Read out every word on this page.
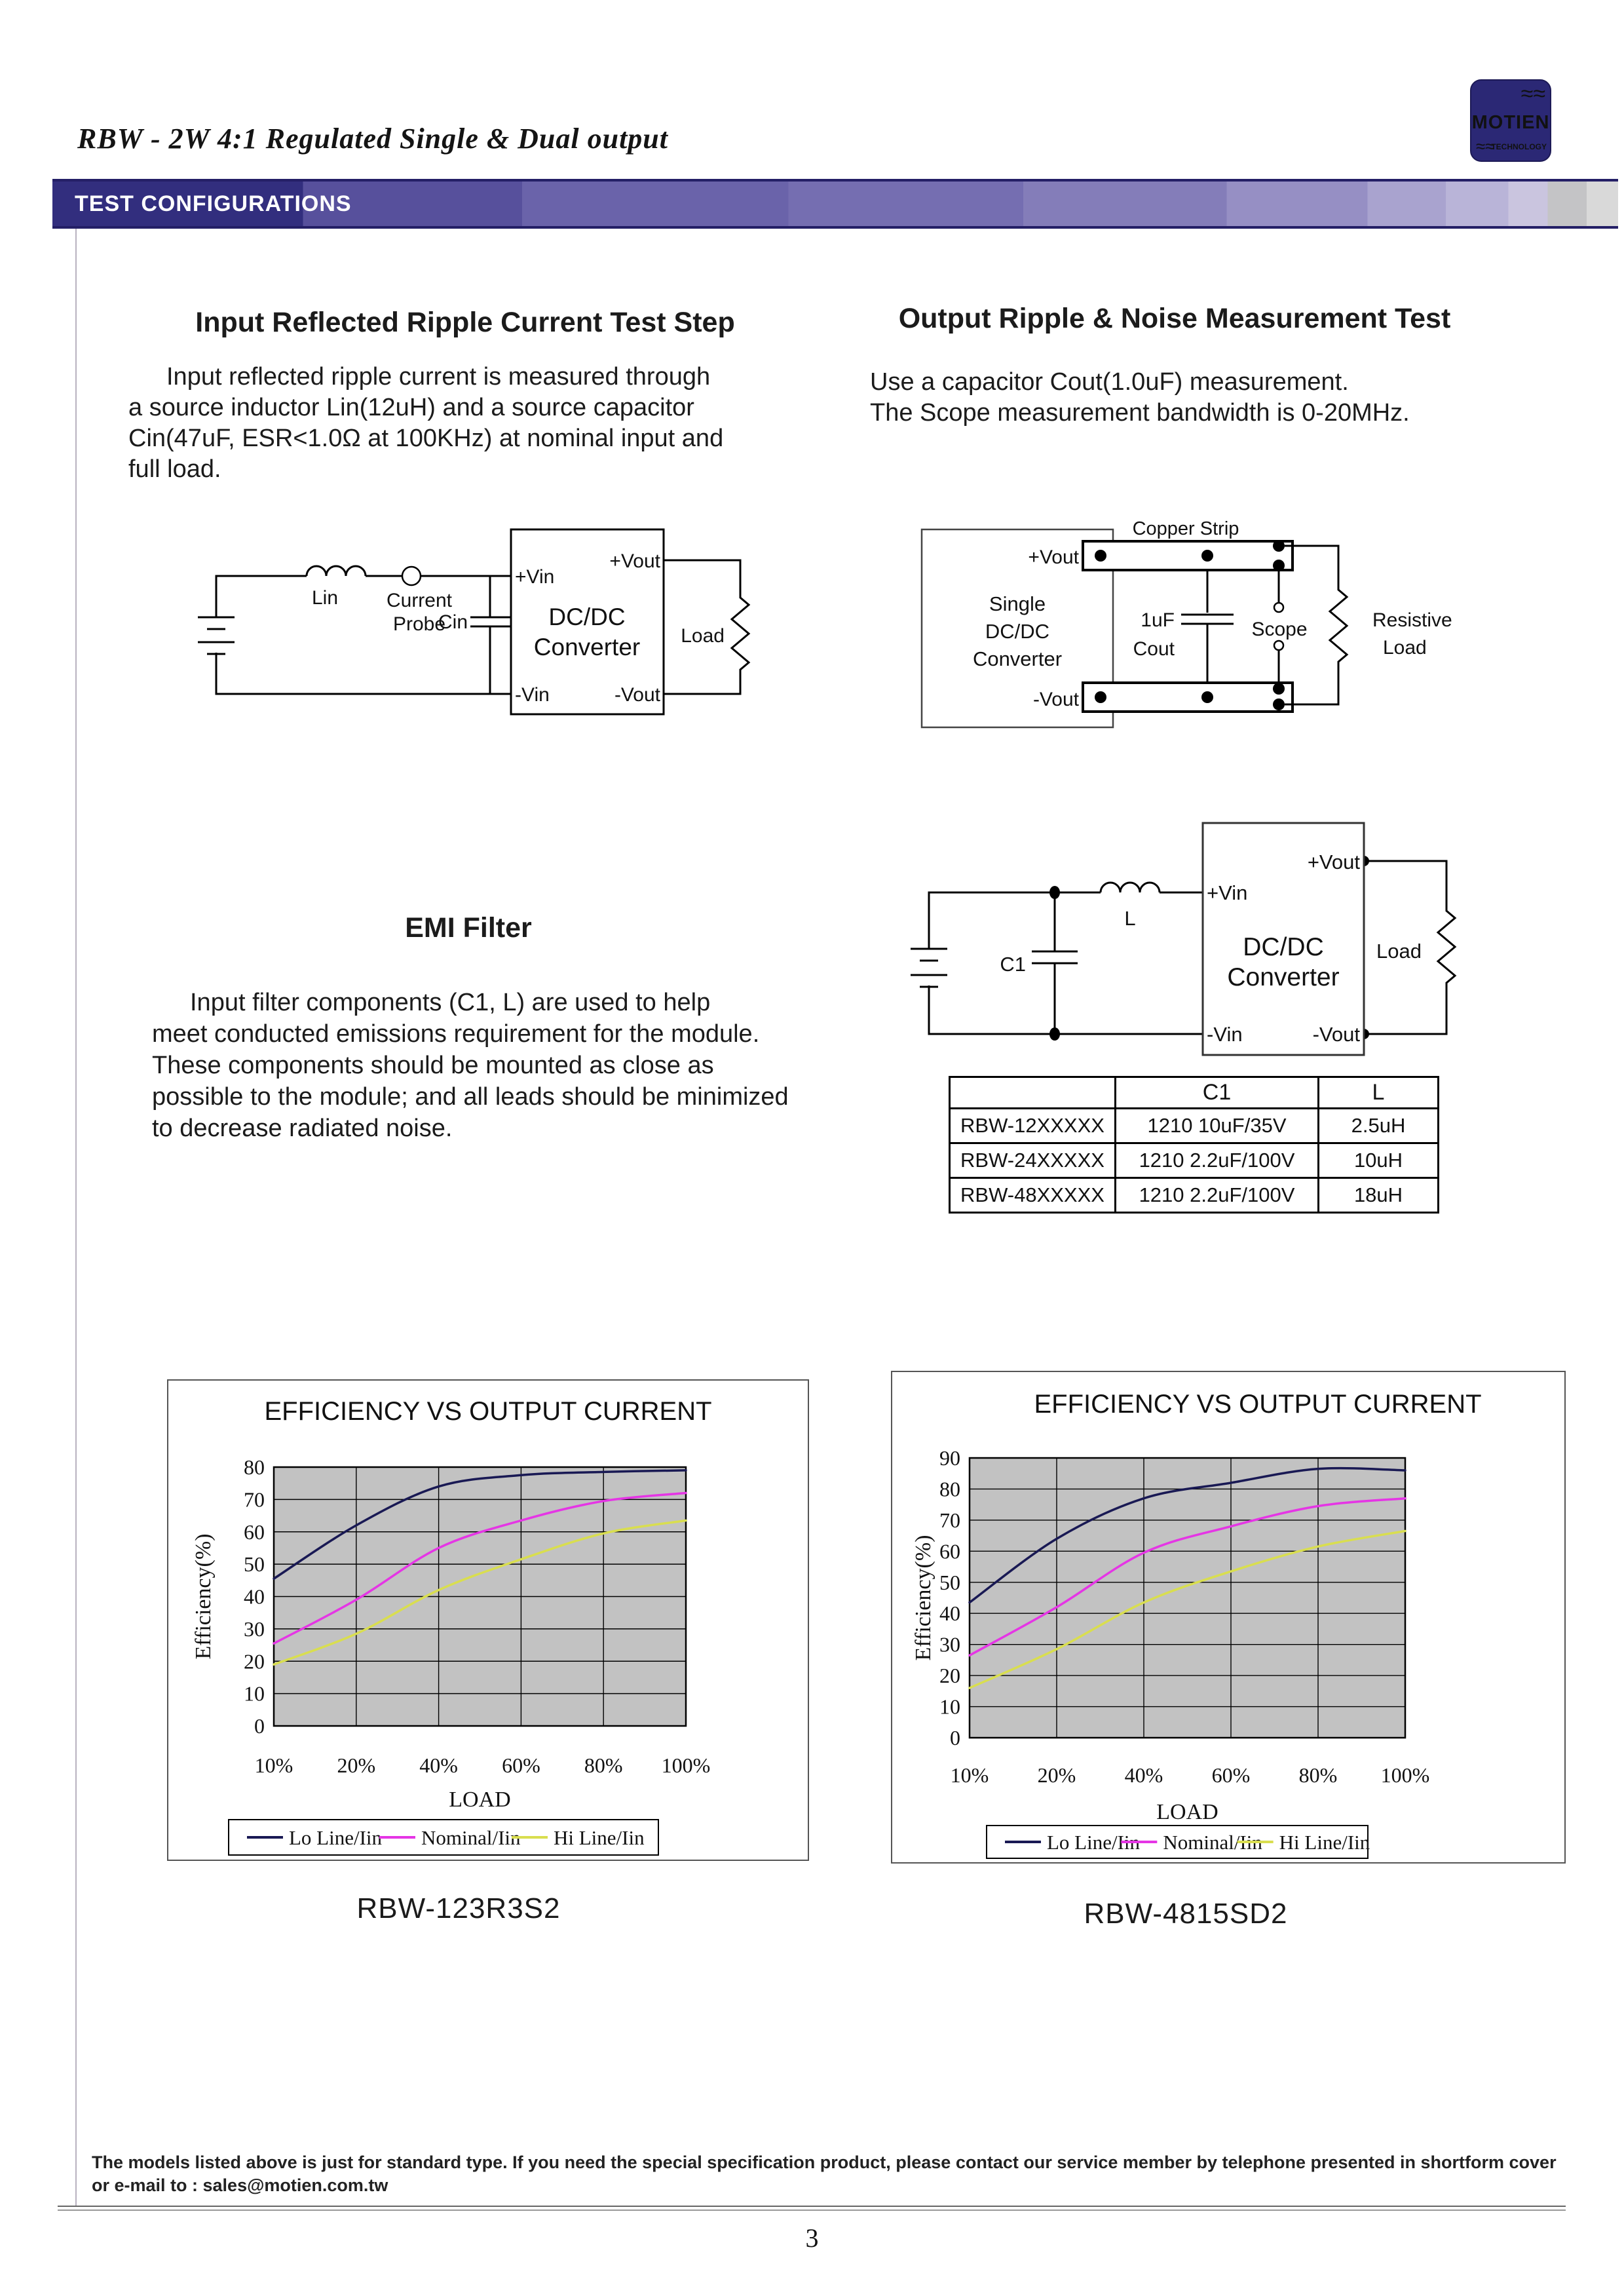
RBW - 2W 4:1 Regulated Single & Dual output
≈≈
MOTIEN
≈≈
TECHNOLOGY
TEST CONFIGURATIONS
Input Reflected Ripple Current Test Step
Input reflected ripple current is measured through
a source inductor Lin(12uH) and a source capacitor
Cin(47uF, ESR<1.0Ω at 100KHz) at nominal input and
full load.
Output Ripple & Noise Measurement Test
Use a capacitor Cout(1.0uF) measurement.
The Scope measurement bandwidth is 0-20MHz.
Lin Current
Probe
Cin
+Vin
-Vin
DC/DC
Converter
+Vout
-Vout
Load
Copper Strip
Single
DC/DC
Converter
+Vout
-Vout
1uF
Cout
Scope	Resistive
Load
EMI Filter
Input filter components (C1, L) are used to help
meet conducted emissions requirement for the module.
These components should be mounted as close as
possible to the module; and all leads should be minimized
to decrease radiated noise.
C1
L
+Vin
-Vin
DC/DC
Converter
+Vout
-Vout
Load
	C1	L
RBW-12XXXXX	1210 10uF/35V	2.5uH
RBW-24XXXXX	1210 2.2uF/100V	10uH
RBW-48XXXXX	1210 2.2uF/100V	18uH
EFFICIENCY VS OUTPUT CURRENT
0
10
20
30
40
50
60
70
80
10% 20% 40% 60% 80% 100%
LOAD
Efficiency(%)
Lo Line/Iin Nominal/Iin Hi Line/Iin
RBW-123R3S2
EFFICIENCY VS OUTPUT CURRENT
0
10
20
30
40
50
60
70
80
90
10% 20% 40% 60% 80% 100%
LOAD
Efficiency(%)
Lo Line/Iin Nominal/Iin Hi Line/Iin
RBW-4815SD2
The models listed above is just for standard type. If you need the special specification product, please contact our service member by telephone presented in shortform cover
or e-mail to : sales@motien.com.tw
3
